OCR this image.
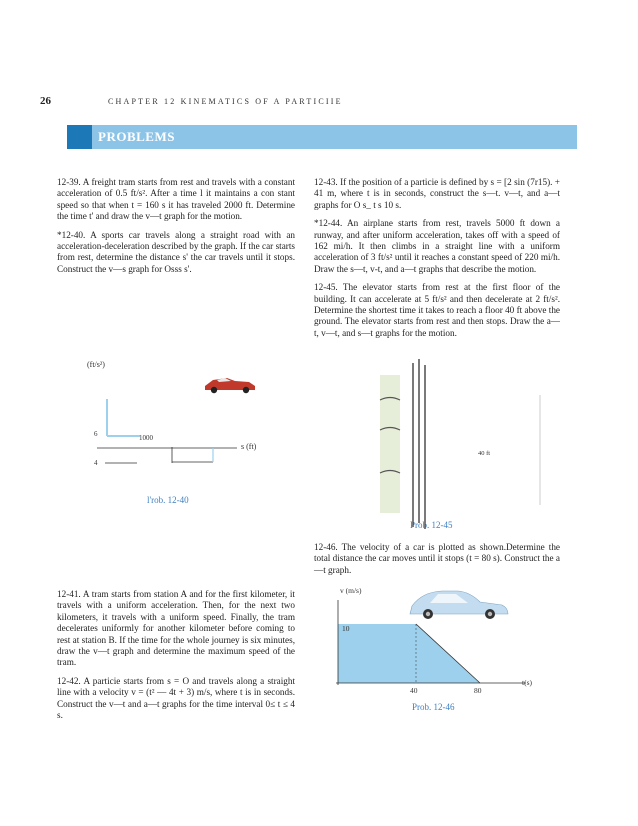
26	CHAPTER 12 KINEMATICS OF A PARTICIIE
PROBLEMS

12-39. A freight tram starts from rest and travels with a constant acceleration of 0.5 ft/s². After a time l it maintains a con stant speed so that when t = 160 s it has traveled 2000 ft. Determine the time t' and draw the v—t graph for the motion.

*12-40. A sports car travels along a straight road with an acceleration-deceleration described by the graph. If the car starts from rest, determine the distance s' the car travels until it stops. Construct the v—s graph for Osss s'.

(ft/s²)
6
4
1000
s (ft)
l'rob. 12-40

12-41. A tram starts from station A and for the first kilometer, it travels with a uniform acceleration. Then, for the next two kilometers, it travels with a uniform speed. Finally, the tram decelerates uniformly for another kilometer before coming to rest at station B. If the time for the whole journey is six minutes, draw the v—t graph and determine the maximum speed of the tram.

12-42. A particie starts from s = O and travels along a straight line with a velocity v = (t² — 4t + 3) m/s, where t is in seconds. Construct the v—t and a—t graphs for the time interval 0≤ t ≤ 4 s.

12-43. If the position of a particie is defined by s = [2 sin (7r15). + 41 m, where t is in seconds, construct the s—t. v—t, and a—t graphs for O s_ t s 10 s.

*12-44. An airplane starts from rest, travels 5000 ft down a runway, and after uniform acceleration, takes off with a speed of 162 mi/h. It then climbs in a straight line with a uniform acceleration of 3 ft/s² until it reaches a constant speed of 220 mi/h. Draw the s—t, v-t, and a—t graphs that describe the motion.

12-45. The elevator starts from rest at the first floor of the building. It can accelerate at 5 ft/s² and then decelerate at 2 ft/s². Determine the shortest time it takes to reach a floor 40 ft above the ground. The elevator starts from rest and then stops. Draw the a—t, v—t, and s—t graphs for the motion.

40 ft
Prob. 12-45

12-46. The velocity of a car is plotted as shown.Determine the total distance the car moves until it stops (t = 80 s). Construct the a—t graph.

v (m/s)
10
40	80
t(s)
Prob. 12-46
